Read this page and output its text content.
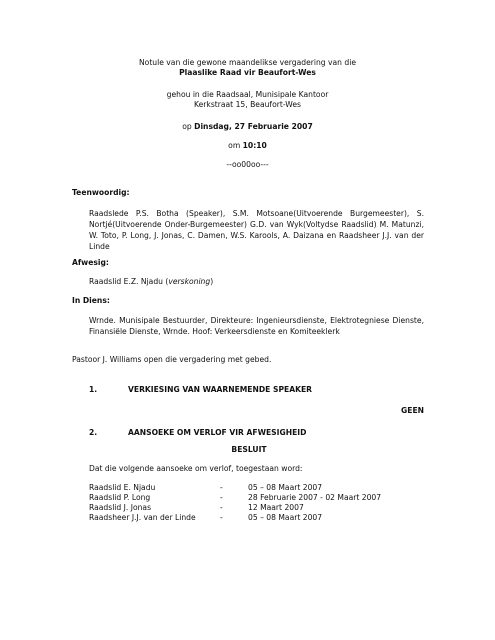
Notule van die gewone maandelikse vergadering van die
Plaaslike Raad vir Beaufort-Wes
gehou in die Raadsaal, Munisipale Kantoor
Kerkstraat 15, Beaufort-Wes
op Dinsdag, 27 Februarie 2007
om 10:10
--oo00oo---
Teenwoordig:
Raadslede P.S. Botha (Speaker), S.M. Motsoane(Uitvoerende Burgemeester), S. Nortjé(Uitvoerende Onder-Burgemeester) G.D. van Wyk(Voltydse Raadslid) M. Matunzi, W. Toto, P. Long, J. Jonas, C. Damen, W.S. Karools, A. Daizana en Raadsheer J.J. van der Linde
Afwesig:
Raadslid E.Z. Njadu (verskoning)
In Diens:
Wrnde. Munisipale Bestuurder, Direkteure: Ingenieursdienste, Elektrotegniese Dienste, Finansiële Dienste, Wrnde. Hoof: Verkeersdienste en Komiteeklerk
Pastoor J. Williams open die vergadering met gebed.
1.	VERKIESING VAN WAARNEMENDE SPEAKER
GEEN
2.	AANSOEKE OM VERLOF VIR AFWESIGHEID
BESLUIT
Dat die volgende aansoeke om verlof, toegestaan word:
Raadslid E. Njadu	-	05 – 08 Maart 2007
Raadslid P. Long	-	28 Februarie 2007 - 02 Maart 2007
Raadslid J. Jonas	-	12 Maart 2007
Raadsheer J.J. van der Linde	-	05 – 08 Maart 2007
